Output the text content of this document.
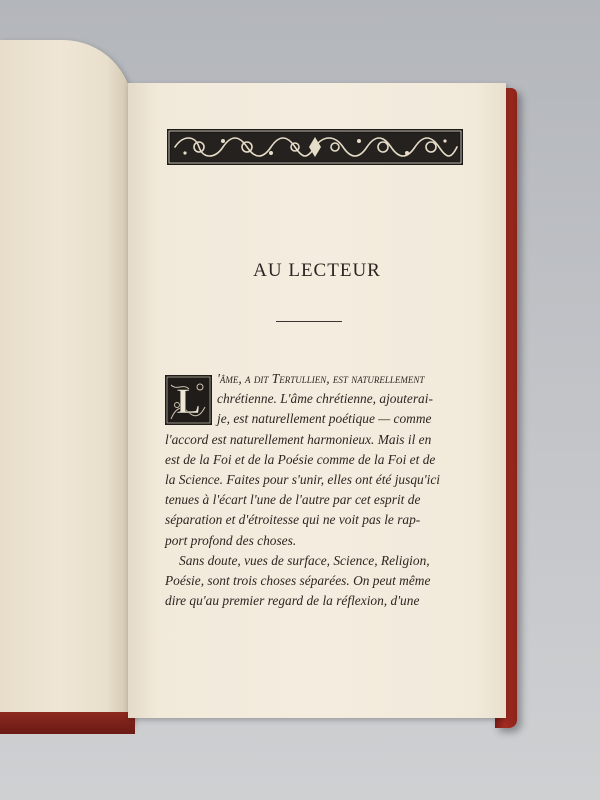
AU LECTEUR
L
'âme, a dit Tertullien, est naturellement
chrétienne. L'âme chrétienne, ajouterai-
je, est naturellement poétique — comme
l'accord est naturellement harmonieux. Mais il en
est de la Foi et de la Poésie comme de la Foi et de
la Science. Faites pour s'unir, elles ont été jusqu'ici
tenues à l'écart l'une de l'autre par cet esprit de
séparation et d'étroitesse qui ne voit pas le rap-
port profond des choses.
Sans doute, vues de surface, Science, Religion,
Poésie, sont trois choses séparées. On peut même
dire qu'au premier regard de la réflexion, d'une
